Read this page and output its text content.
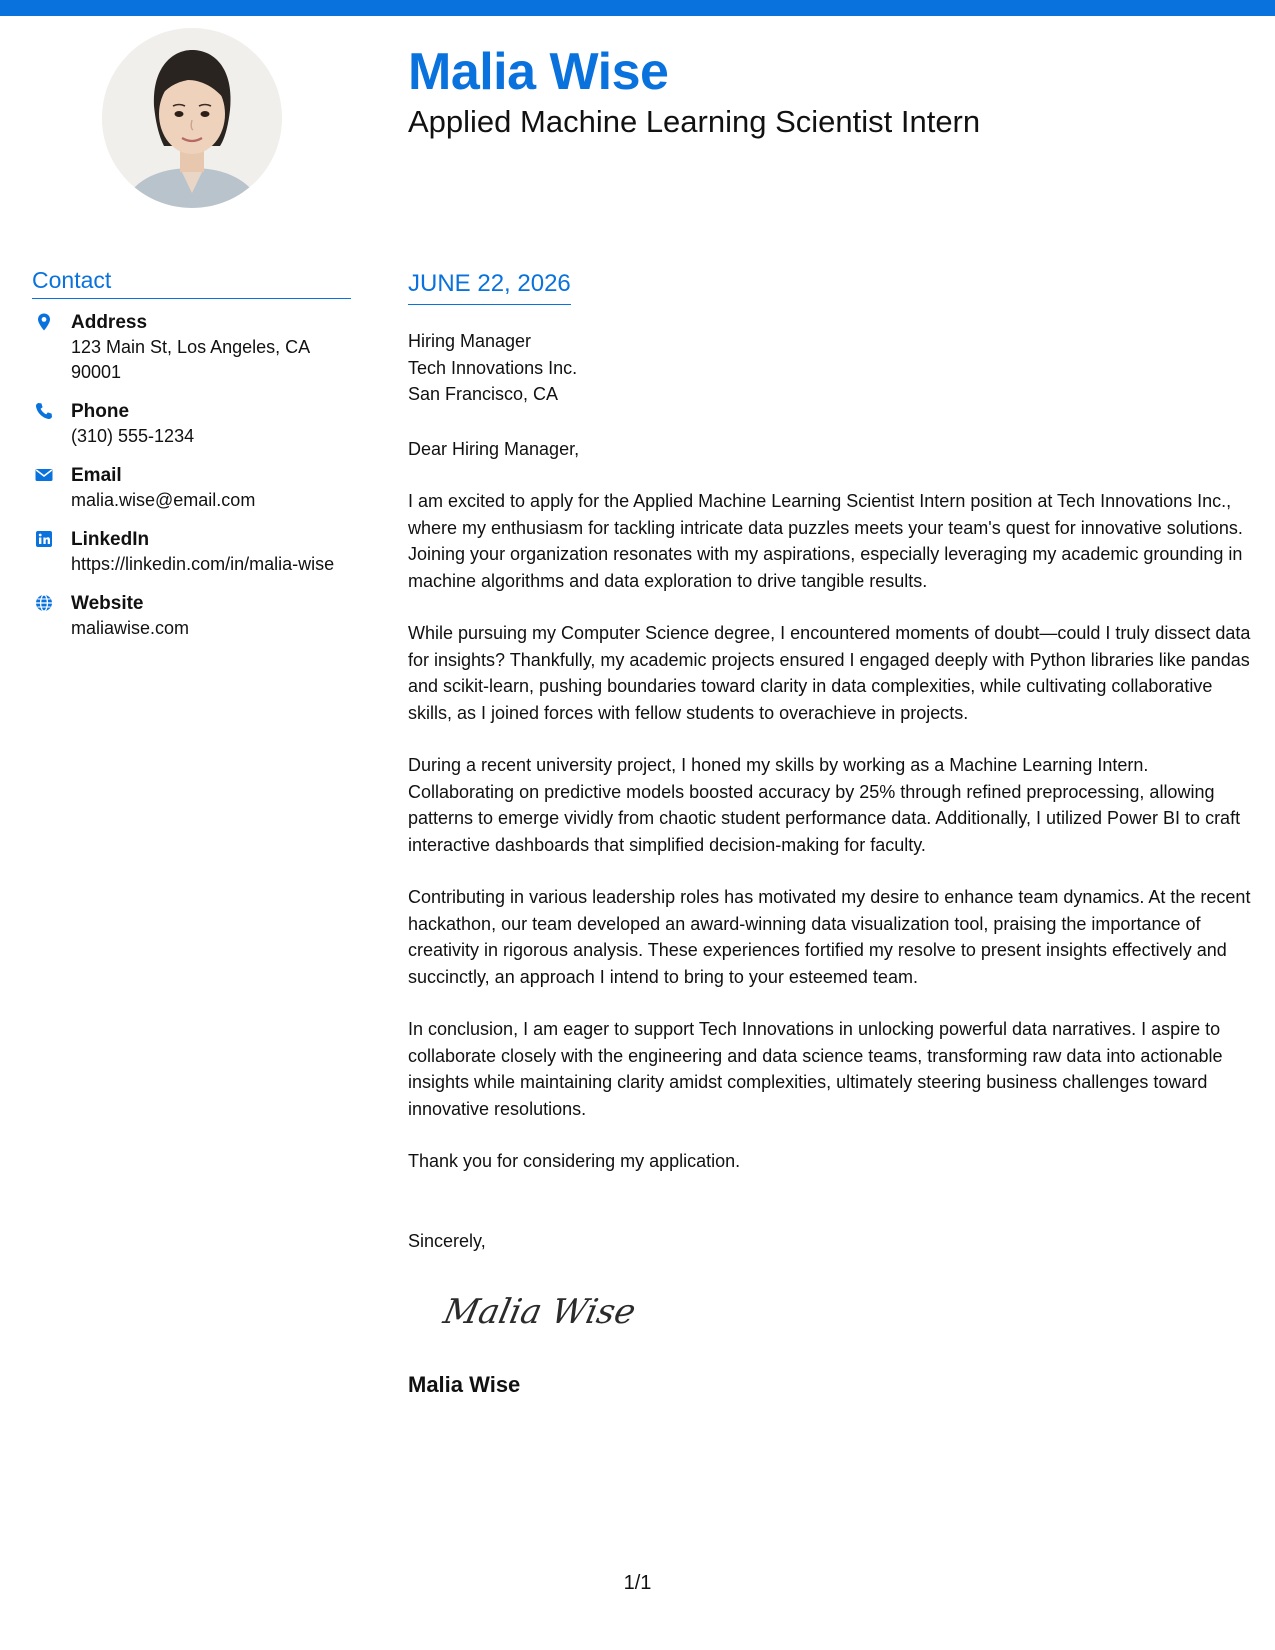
Malia Wise
Applied Machine Learning Scientist Intern
Contact
Address
123 Main St, Los Angeles, CA 90001
Phone
(310) 555-1234
Email
malia.wise@email.com
LinkedIn
https://linkedin.com/in/malia-wise
Website
maliawise.com
JUNE 22, 2026
Hiring Manager
Tech Innovations Inc.
San Francisco, CA
Dear Hiring Manager,
I am excited to apply for the Applied Machine Learning Scientist Intern position at Tech Innovations Inc., where my enthusiasm for tackling intricate data puzzles meets your team's quest for innovative solutions. Joining your organization resonates with my aspirations, especially leveraging my academic grounding in machine algorithms and data exploration to drive tangible results.
While pursuing my Computer Science degree, I encountered moments of doubt—could I truly dissect data for insights? Thankfully, my academic projects ensured I engaged deeply with Python libraries like pandas and scikit-learn, pushing boundaries toward clarity in data complexities, while cultivating collaborative skills, as I joined forces with fellow students to overachieve in projects.
During a recent university project, I honed my skills by working as a Machine Learning Intern. Collaborating on predictive models boosted accuracy by 25% through refined preprocessing, allowing patterns to emerge vividly from chaotic student performance data. Additionally, I utilized Power BI to craft interactive dashboards that simplified decision-making for faculty.
Contributing in various leadership roles has motivated my desire to enhance team dynamics. At the recent hackathon, our team developed an award-winning data visualization tool, praising the importance of creativity in rigorous analysis. These experiences fortified my resolve to present insights effectively and succinctly, an approach I intend to bring to your esteemed team.
In conclusion, I am eager to support Tech Innovations in unlocking powerful data narratives. I aspire to collaborate closely with the engineering and data science teams, transforming raw data into actionable insights while maintaining clarity amidst complexities, ultimately steering business challenges toward innovative resolutions.
Thank you for considering my application.
Sincerely,
Malia Wise
Malia Wise
1/1
